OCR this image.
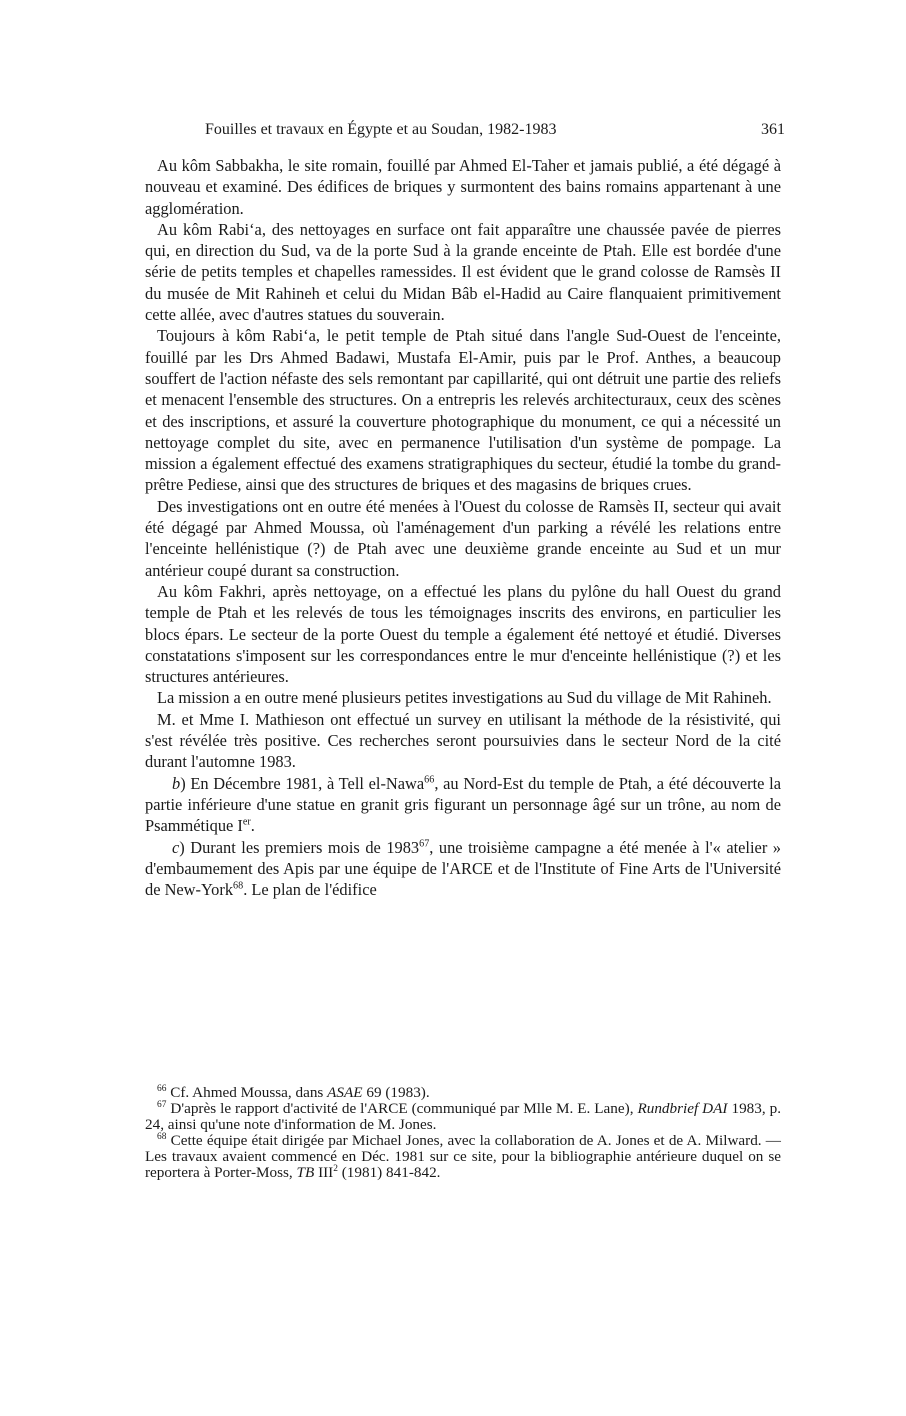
Fouilles et travaux en Égypte et au Soudan, 1982-1983	361

Au kôm Sabbakha, le site romain, fouillé par Ahmed El-Taher et jamais publié, a été dégagé à nouveau et examiné. Des édifices de briques y surmontent des bains romains appartenant à une agglomération.

Au kôm Rabi‘a, des nettoyages en surface ont fait apparaître une chaussée pavée de pierres qui, en direction du Sud, va de la porte Sud à la grande enceinte de Ptah. Elle est bordée d'une série de petits temples et chapelles ramessides. Il est évident que le grand colosse de Ramsès II du musée de Mit Rahineh et celui du Midan Bâb el-Hadid au Caire flanquaient primitivement cette allée, avec d'autres statues du souverain.

Toujours à kôm Rabi‘a, le petit temple de Ptah situé dans l'angle Sud-Ouest de l'enceinte, fouillé par les Drs Ahmed Badawi, Mustafa El-Amir, puis par le Prof. Anthes, a beaucoup souffert de l'action néfaste des sels remontant par capillarité, qui ont détruit une partie des reliefs et menacent l'ensemble des structures. On a entrepris les relevés architecturaux, ceux des scènes et des inscriptions, et assuré la couverture photographique du monument, ce qui a nécessité un nettoyage complet du site, avec en permanence l'utilisation d'un système de pompage. La mission a également effectué des examens stratigraphiques du secteur, étudié la tombe du grand-prêtre Pediese, ainsi que des structures de briques et des magasins de briques crues.

Des investigations ont en outre été menées à l'Ouest du colosse de Ramsès II, secteur qui avait été dégagé par Ahmed Moussa, où l'aménagement d'un parking a révélé les relations entre l'enceinte hellénistique (?) de Ptah avec une deuxième grande enceinte au Sud et un mur antérieur coupé durant sa construction.

Au kôm Fakhri, après nettoyage, on a effectué les plans du pylône du hall Ouest du grand temple de Ptah et les relevés de tous les témoignages inscrits des environs, en particulier les blocs épars. Le secteur de la porte Ouest du temple a également été nettoyé et étudié. Diverses constatations s'imposent sur les correspondances entre le mur d'enceinte hellénistique (?) et les structures antérieures.

La mission a en outre mené plusieurs petites investigations au Sud du village de Mit Rahineh.

M. et Mme I. Mathieson ont effectué un survey en utilisant la méthode de la résistivité, qui s'est révélée très positive. Ces recherches seront poursuivies dans le secteur Nord de la cité durant l'automne 1983.

b) En Décembre 1981, à Tell el-Nawa$^{66}$, au Nord-Est du temple de Ptah, a été découverte la partie inférieure d'une statue en granit gris figurant un personnage âgé sur un trône, au nom de Psammétique Ier.

c) Durant les premiers mois de 1983$^{67}$, une troisième campagne a été menée à l'« atelier » d'embaumement des Apis par une équipe de l'ARCE et de l'Institute of Fine Arts de l'Université de New-York$^{68}$. Le plan de l'édifice

$^{66}$ Cf. Ahmed Moussa, dans ASAE 69 (1983).

$^{67}$ D'après le rapport d'activité de l'ARCE (communiqué par Mlle M. E. Lane), Rundbrief DAI 1983, p. 24, ainsi qu'une note d'information de M. Jones.

$^{68}$ Cette équipe était dirigée par Michael Jones, avec la collaboration de A. Jones et de A. Milward. — Les travaux avaient commencé en Déc. 1981 sur ce site, pour la bibliographie antérieure duquel on se reportera à Porter-Moss, TB III$^2$ (1981) 841-842.
